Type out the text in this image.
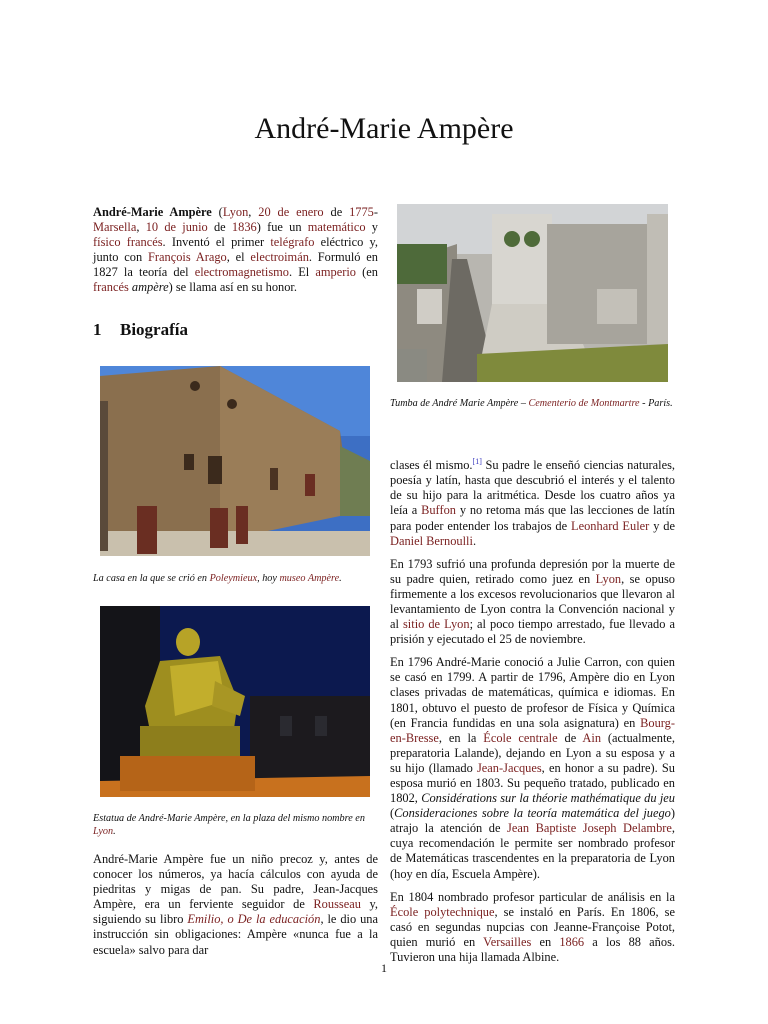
André-Marie Ampère

André-Marie Ampère (Lyon, 20 de enero de 1775-Marsella, 10 de junio de 1836) fue un matemático y físico francés. Inventó el primer telégrafo eléctrico y, junto con François Arago, el electroimán. Formuló en 1827 la teoría del electromagnetismo. El amperio (en francés ampère) se llama así en su honor.

1 Biografía
La casa en la que se crió en Poleymieux, hoy museo Ampère.
Estatua de André-Marie Ampère, en la plaza del mismo nombre en Lyon.

André-Marie Ampère fue un niño precoz y, antes de conocer los números, ya hacía cálculos con ayuda de piedritas y migas de pan. Su padre, Jean-Jacques Ampère, era un ferviente seguidor de Rousseau y, siguiendo su libro Emilio, o De la educación, le dio una instrucción sin obligaciones: Ampère «nunca fue a la escuela» salvo para dar

Tumba de André Marie Ampère – Cementerio de Montmartre - París.

clases él mismo.[1] Su padre le enseñó ciencias naturales, poesía y latín, hasta que descubrió el interés y el talento de su hijo para la aritmética. Desde los cuatro años ya leía a Buffon y no retoma más que las lecciones de latín para poder entender los trabajos de Leonhard Euler y de Daniel Bernoulli.

En 1793 sufrió una profunda depresión por la muerte de su padre quien, retirado como juez en Lyon, se opuso firmemente a los excesos revolucionarios que llevaron al levantamiento de Lyon contra la Convención nacional y al sitio de Lyon; al poco tiempo arrestado, fue llevado a prisión y ejecutado el 25 de noviembre.

En 1796 André-Marie conoció a Julie Carron, con quien se casó en 1799. A partir de 1796, Ampère dio en Lyon clases privadas de matemáticas, química e idiomas. En 1801, obtuvo el puesto de profesor de Física y Química (en Francia fundidas en una sola asignatura) en Bourg-en-Bresse, en la École centrale de Ain (actualmente, preparatoria Lalande), dejando en Lyon a su esposa y a su hijo (llamado Jean-Jacques, en honor a su padre). Su esposa murió en 1803. Su pequeño tratado, publicado en 1802, Considérations sur la théorie mathématique du jeu (Consideraciones sobre la teoría matemática del juego) atrajo la atención de Jean Baptiste Joseph Delambre, cuya recomendación le permite ser nombrado profesor de Matemáticas trascendentes en la preparatoria de Lyon (hoy en día, Escuela Ampère).

En 1804 nombrado profesor particular de análisis en la École polytechnique, se instaló en París. En 1806, se casó en segundas nupcias con Jeanne-Françoise Potot, quien murió en Versailles en 1866 a los 88 años. Tuvieron una hija llamada Albine.

1
